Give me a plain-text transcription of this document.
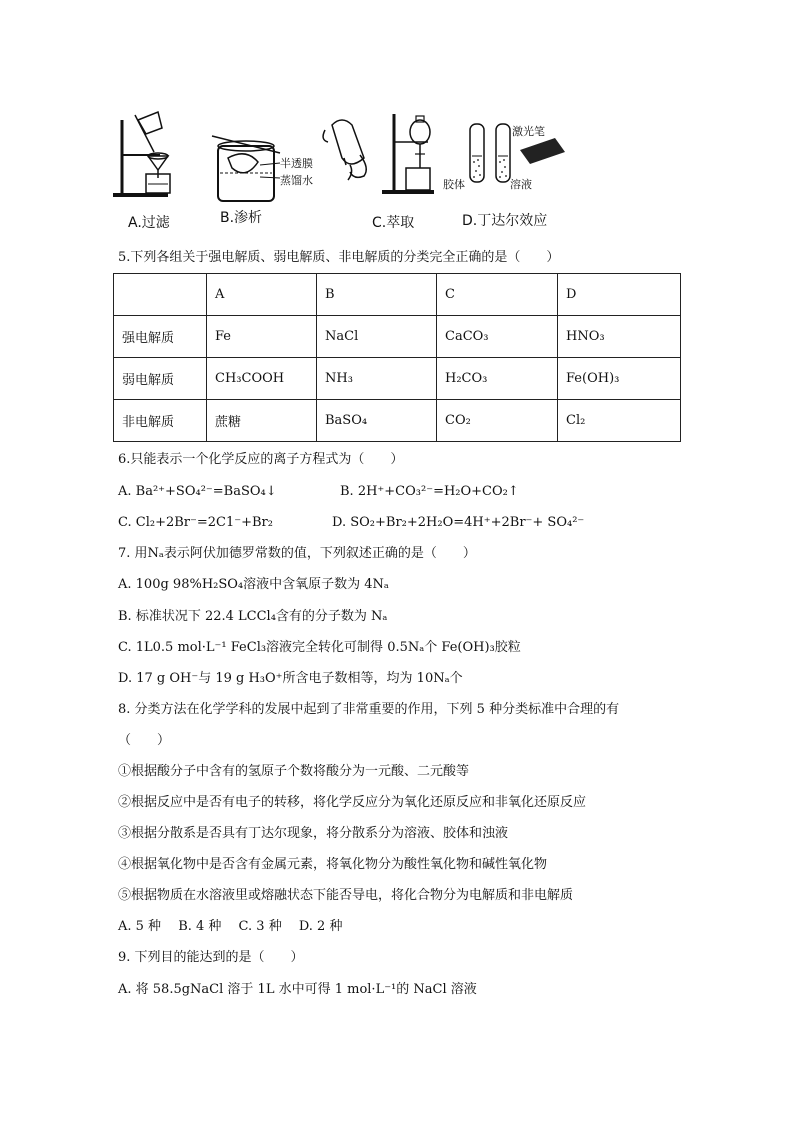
A.过滤
半透膜
蒸馏水
B.渗析	C.萃取
激光笔
胶体	溶液
D.丁达尔效应
5.下列各组关于强电解质、弱电解质、非电解质的分类完全正确的是（　　）
	A	B	C	D
强电解质	Fe	NaCl	CaCO₃	HNO₃
弱电解质	CH₃COOH	NH₃	H₂CO₃	Fe(OH)₃
非电解质	蔗糖	BaSO₄	CO₂	Cl₂
6.只能表示一个化学反应的离子方程式为（　　）
A. Ba²⁺+SO₄²⁻=BaSO₄↓	B. 2H⁺+CO₃²⁻=H₂O+CO₂↑
C. Cl₂+2Br⁻=2C1⁻+Br₂	D. SO₂+Br₂+2H₂O=4H⁺+2Br⁻+ SO₄²⁻
7. 用Nₐ表示阿伏加德罗常数的值，下列叙述正确的是（　　）
A. 100g 98%H₂SO₄溶液中含氧原子数为 4Nₐ
B. 标准状况下 22.4 LCCl₄含有的分子数为 Nₐ
C. 1L0.5 mol·L⁻¹ FeCl₃溶液完全转化可制得 0.5Nₐ个 Fe(OH)₃胶粒
D. 17 g OH⁻与 19 g H₃O⁺所含电子数相等，均为 10Nₐ个
8. 分类方法在化学学科的发展中起到了非常重要的作用，下列 5 种分类标准中合理的有
（　　）
①根据酸分子中含有的氢原子个数将酸分为一元酸、二元酸等
②根据反应中是否有电子的转移，将化学反应分为氧化还原反应和非氧化还原反应
③根据分散系是否具有丁达尔现象，将分散系分为溶液、胶体和浊液
④根据氧化物中是否含有金属元素，将氧化物分为酸性氧化物和碱性氧化物
⑤根据物质在水溶液里或熔融状态下能否导电，将化合物分为电解质和非电解质
A. 5 种　 B. 4 种　 C. 3 种　 D. 2 种
9. 下列目的能达到的是（　　）
A. 将 58.5gNaCl 溶于 1L 水中可得 1 mol·L⁻¹的 NaCl 溶液
